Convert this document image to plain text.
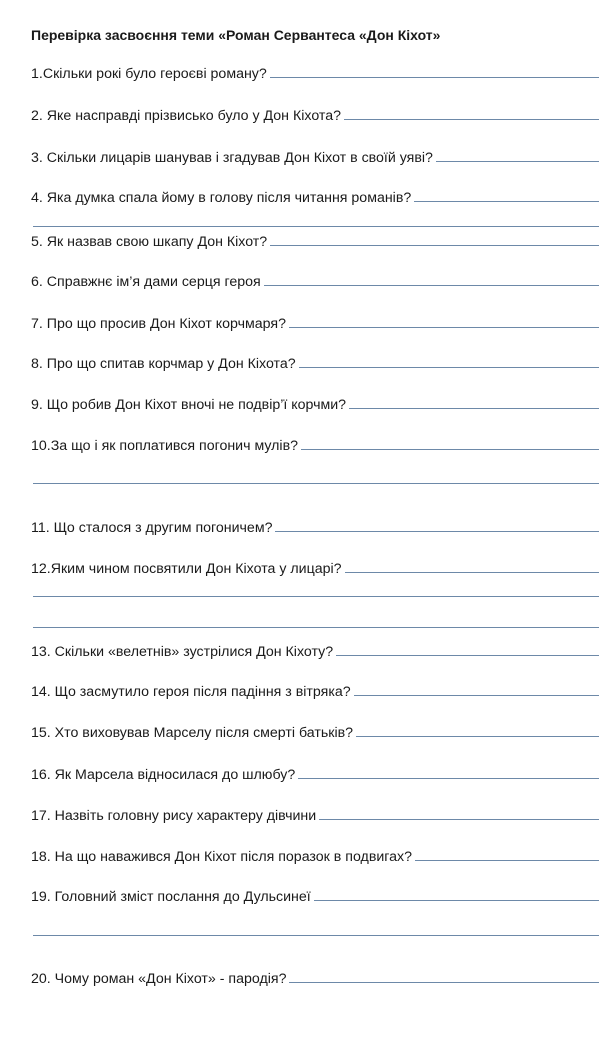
Перевірка засвоєння теми «Роман Сервантеса «Дон Кіхот»
1.Скільки рокі було героєві роману?
2. Яке насправді прізвисько було у Дон Кіхота?
3. Скільки лицарів шанував і згадував Дон Кіхот в своїй уяві?
4. Яка думка спала йому в голову після читання романів?
5. Як назвав свою шкапу Дон Кіхот?
6. Справжнє ім’я дами серця героя
7. Про що просив Дон Кіхот корчмаря?
8. Про що спитав корчмар у Дон Кіхота?
9. Що робив Дон Кіхот вночі не подвір’ї корчми?
10.За що і як поплатився погонич мулів?
11. Що сталося з другим погоничем?
12.Яким чином посвятили Дон Кіхота у лицарі?
13. Скільки «велетнів» зустрілися Дон Кіхоту?
14. Що засмутило героя після падіння з вітряка?
15. Хто виховував Марселу після смерті батьків?
16. Як Марсела відносилася до шлюбу?
17. Назвіть головну рису характеру дівчини
18. На що наважився Дон Кіхот після поразок в подвигах?
19. Головний зміст послання до Дульсинеї
20. Чому роман «Дон Кіхот» - пародія?
